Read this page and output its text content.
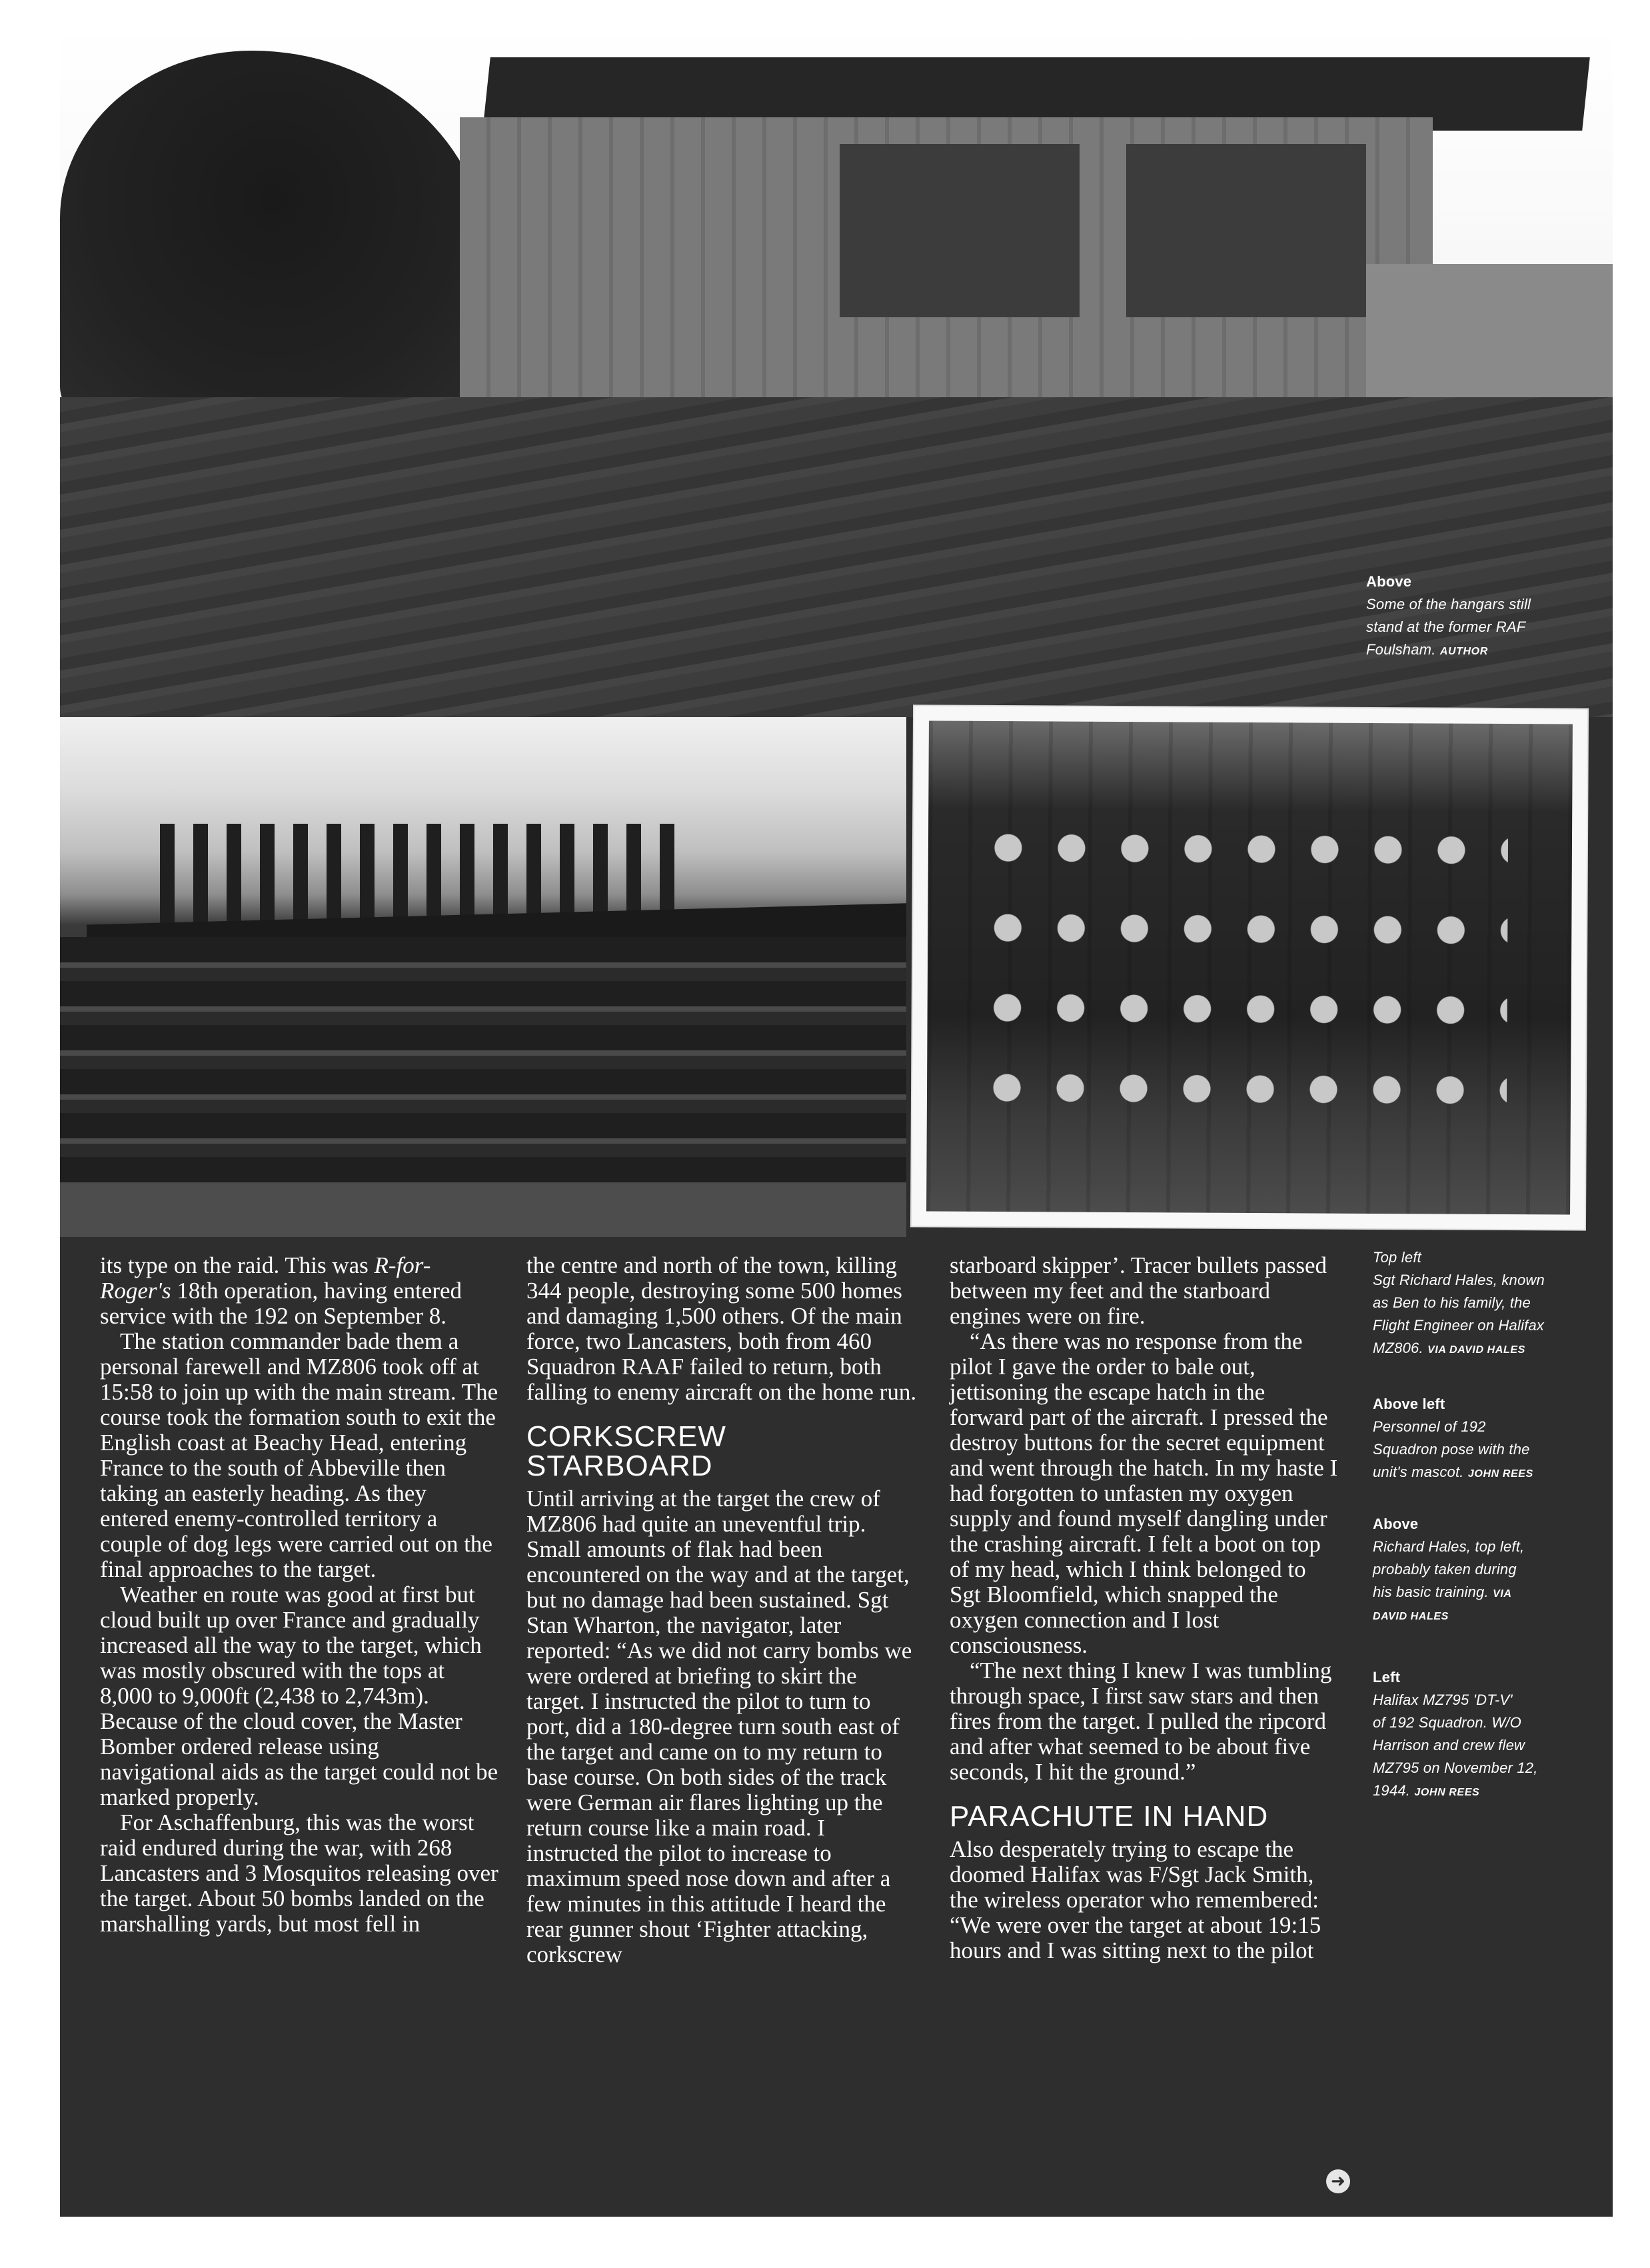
Above
Some of the hangars still
stand at the former RAF
Foulsham. AUTHOR

its type on the raid. This was R-for-Roger's 18th operation, having entered service with the 192 on September 8.

The station commander bade them a personal farewell and MZ806 took off at 15:58 to join up with the main stream. The course took the formation south to exit the English coast at Beachy Head, entering France to the south of Abbeville then taking an easterly heading. As they entered enemy-controlled territory a couple of dog legs were carried out on the final approaches to the target.

Weather en route was good at first but cloud built up over France and gradually increased all the way to the target, which was mostly obscured with the tops at 8,000 to 9,000ft (2,438 to 2,743m). Because of the cloud cover, the Master Bomber ordered release using navigational aids as the target could not be marked properly.

For Aschaffenburg, this was the worst raid endured during the war, with 268 Lancasters and 3 Mosquitos releasing over the target. About 50 bombs landed on the marshalling yards, but most fell in

the centre and north of the town, killing 344 people, destroying some 500 homes and damaging 1,500 others. Of the main force, two Lancasters, both from 460 Squadron RAAF failed to return, both falling to enemy aircraft on the home run.

CORKSCREW STARBOARD

Until arriving at the target the crew of MZ806 had quite an uneventful trip. Small amounts of flak had been encountered on the way and at the target, but no damage had been sustained. Sgt Stan Wharton, the navigator, later reported: “As we did not carry bombs we were ordered at briefing to skirt the target. I instructed the pilot to turn to port, did a 180-degree turn south east of the target and came on to my return to base course. On both sides of the track were German air flares lighting up the return course like a main road. I instructed the pilot to increase to maximum speed nose down and after a few minutes in this attitude I heard the rear gunner shout ‘Fighter attacking, corkscrew

starboard skipper’. Tracer bullets passed between my feet and the starboard engines were on fire.

“As there was no response from the pilot I gave the order to bale out, jettisoning the escape hatch in the forward part of the aircraft. I pressed the destroy buttons for the secret equipment and went through the hatch. In my haste I had forgotten to unfasten my oxygen supply and found myself dangling under the crashing aircraft. I felt a boot on top of my head, which I think belonged to Sgt Bloomfield, which snapped the oxygen connection and I lost consciousness.

“The next thing I knew I was tumbling through space, I first saw stars and then fires from the target. I pulled the ripcord and after what seemed to be about five seconds, I hit the ground.”

PARACHUTE IN HAND

Also desperately trying to escape the doomed Halifax was F/Sgt Jack Smith, the wireless operator who remembered: “We were over the target at about 19:15 hours and I was sitting next to the pilot

Top left
Sgt Richard Hales, known
as Ben to his family, the
Flight Engineer on Halifax
MZ806. VIA DAVID HALES
Above left
Personnel of 192
Squadron pose with the
unit's mascot. JOHN REES
Above
Richard Hales, top left,
probably taken during
his basic training. VIA
DAVID HALES
Left
Halifax MZ795 'DT-V'
of 192 Squadron. W/O
Harrison and crew flew
MZ795 on November 12,
1944. JOHN REES
➜
